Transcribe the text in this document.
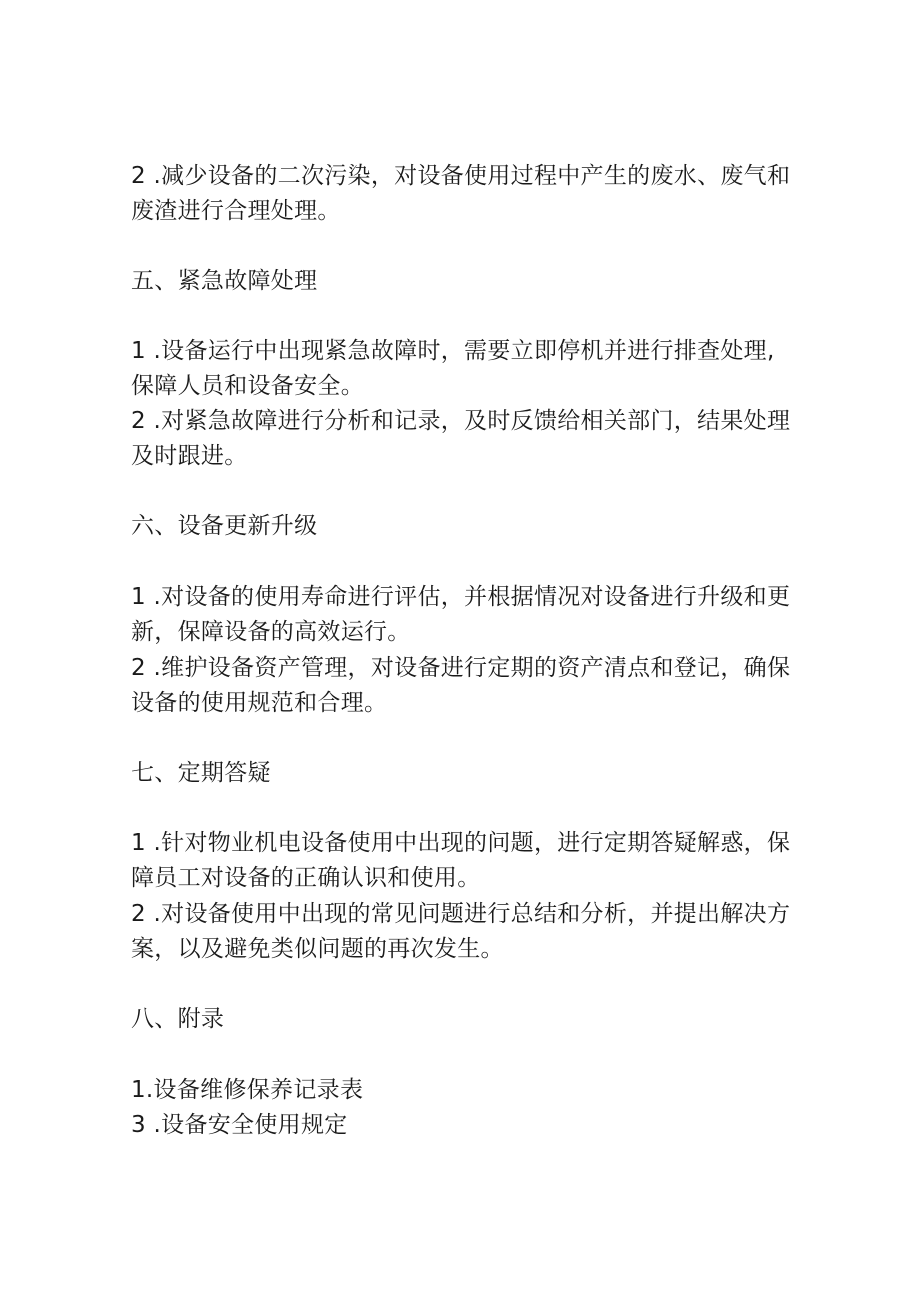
2 .减少设备的二次污染，对设备使用过程中产生的废水、废气和
废渣进行合理处理。
五、紧急故障处理
1 .设备运行中出现紧急故障时，需要立即停机并进行排查处理,
保障人员和设备安全。
2 .对紧急故障进行分析和记录，及时反馈给相关部门，结果处理
及时跟进。
六、设备更新升级
1 .对设备的使用寿命进行评估，并根据情况对设备进行升级和更
新，保障设备的高效运行。
2 .维护设备资产管理，对设备进行定期的资产清点和登记，确保
设备的使用规范和合理。
七、定期答疑
1 .针对物业机电设备使用中出现的问题，进行定期答疑解惑，保
障员工对设备的正确认识和使用。
2 .对设备使用中出现的常见问题进行总结和分析，并提出解决方
案，以及避免类似问题的再次发生。
八、附录
1.设备维修保养记录表
3 .设备安全使用规定
